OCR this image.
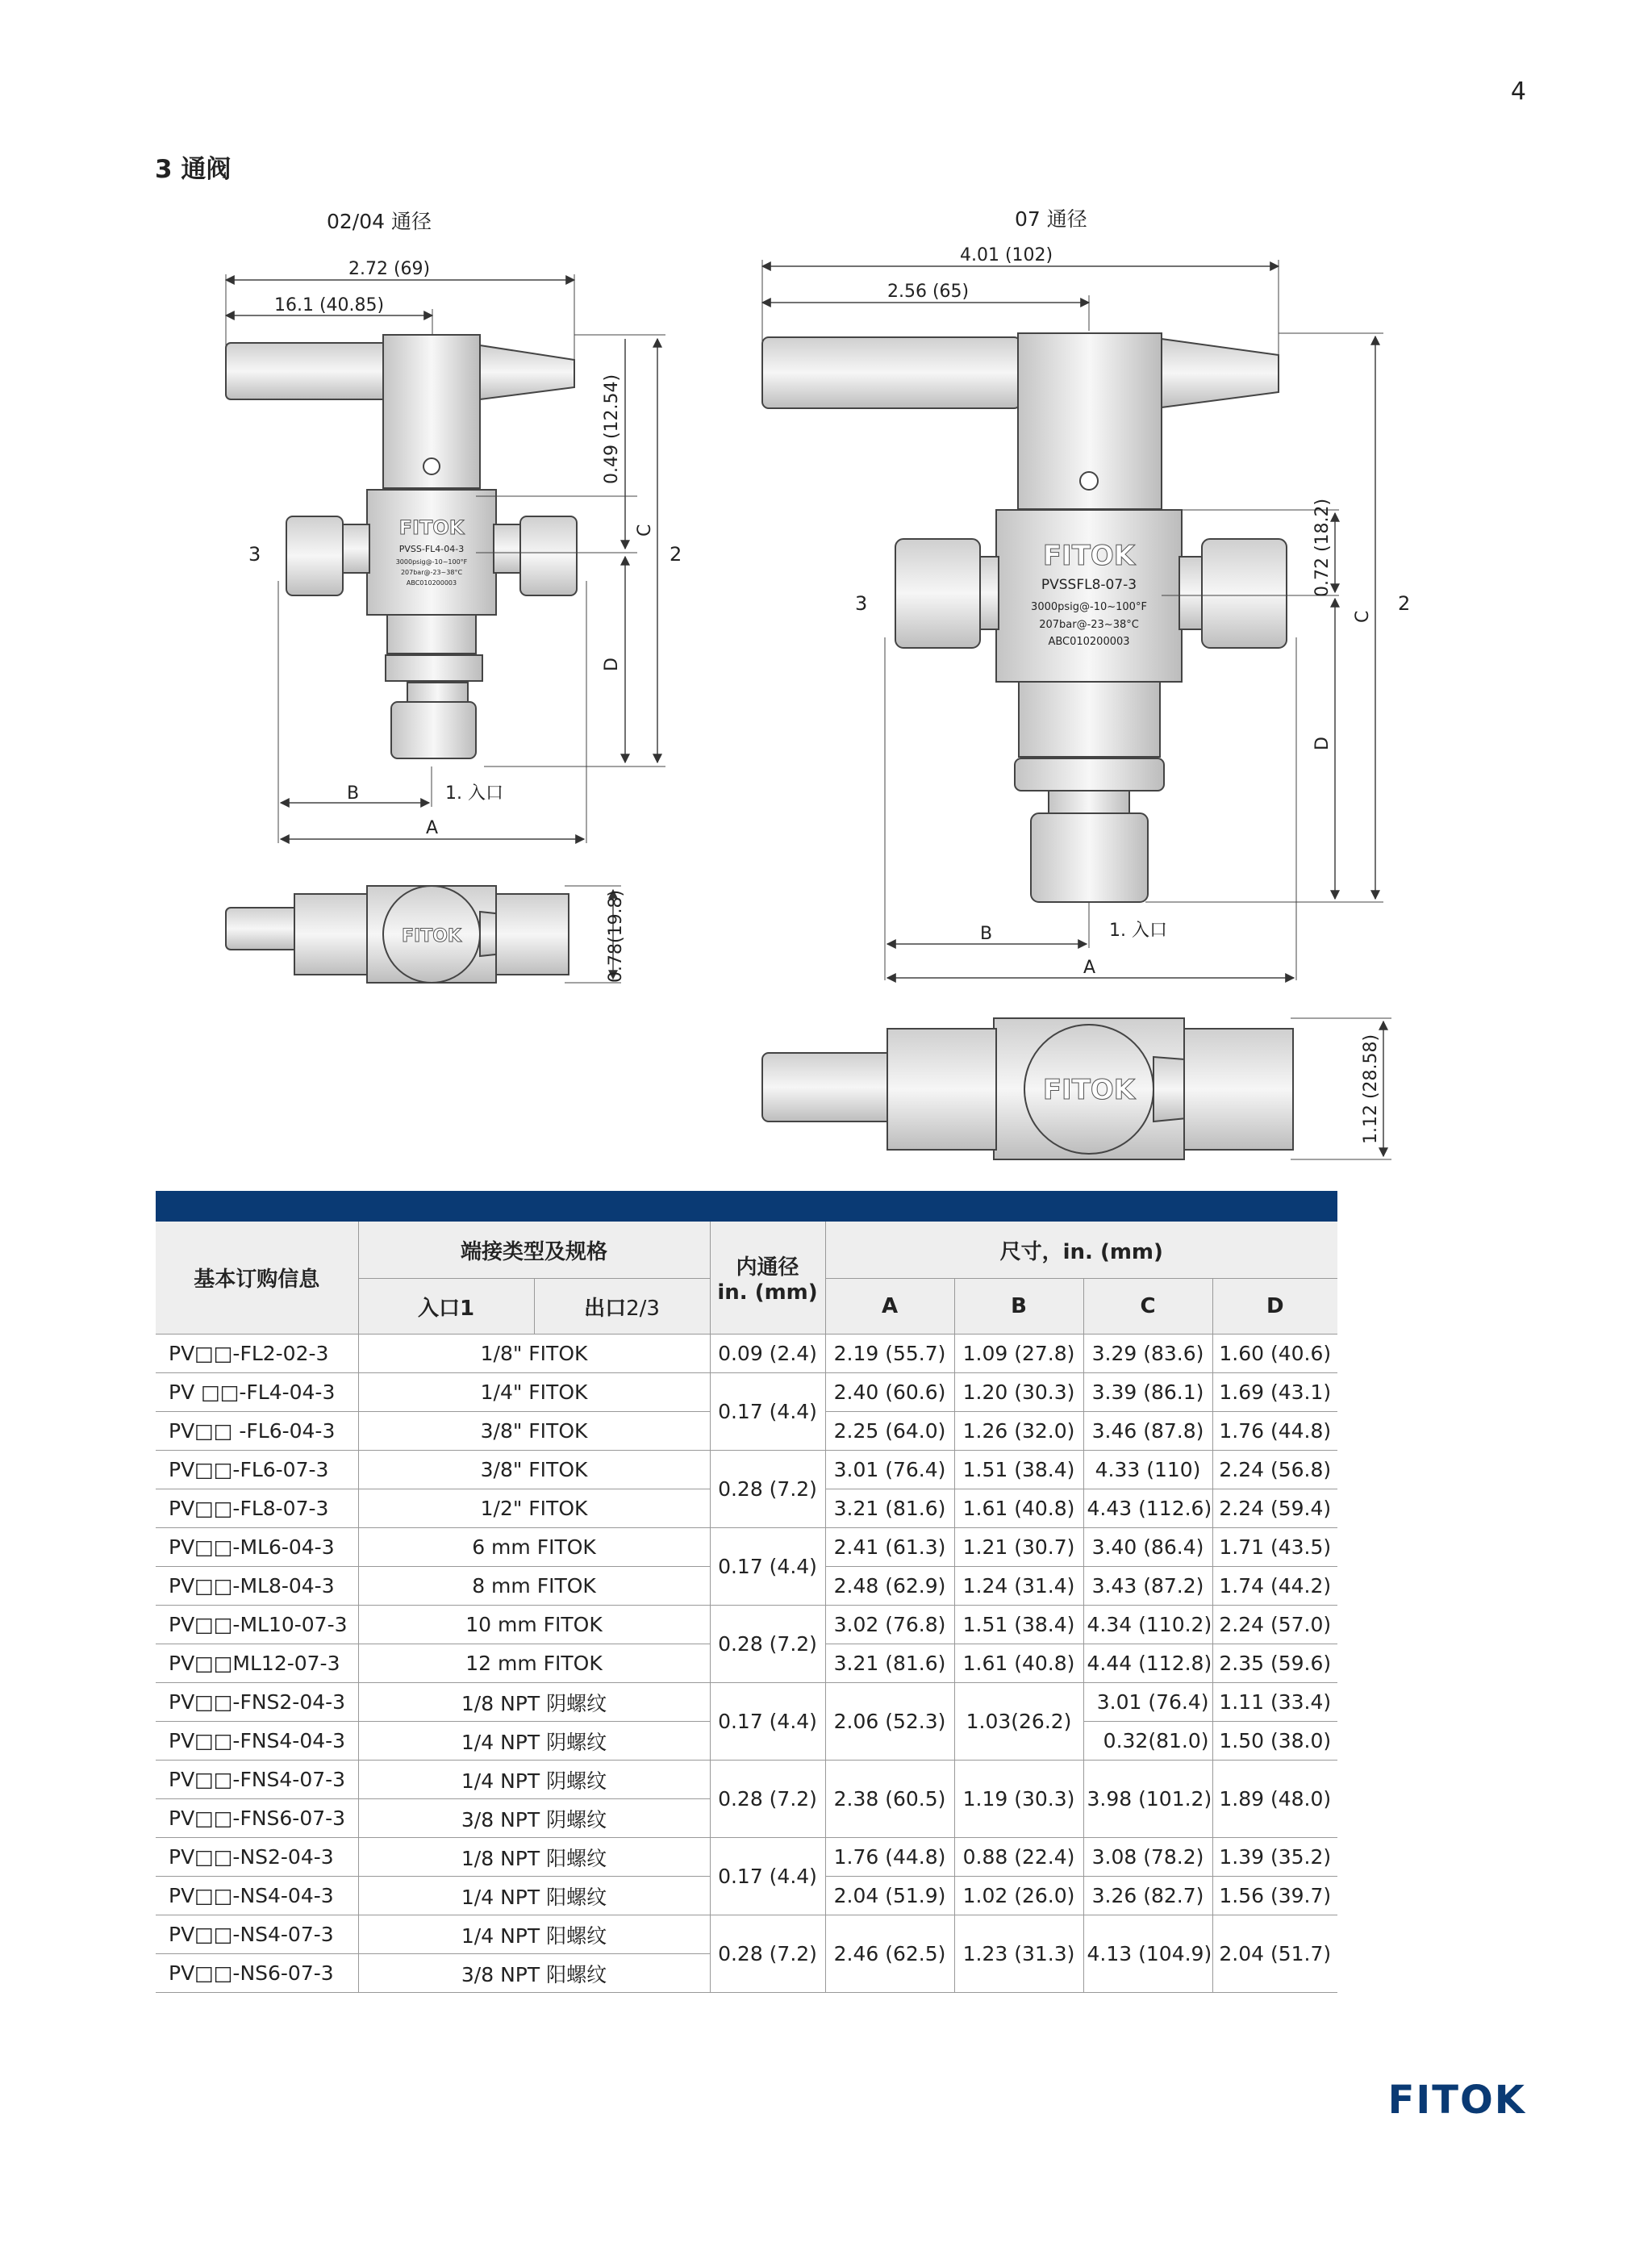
4
3 通阀
02/04 通径
2.72 (69)
16.1 (40.85)
FITOK
PVSS-FL4-04-3
3000psig@-10~100°F
207bar@-23~38°C
ABC010200003
0.49 (12.54)
D
C
3	2
B	1. 入口
A
FITOK	0.78(19.8)
07 通径
4.01 (102)
2.56 (65)
FITOK
PVSSFL8-07-3
3000psig@-10~100°F
207bar@-23~38°C
ABC010200003
0.72 (18.2)
D
C
3	2
B	1. 入口
A
FITOK	1.12 (28.58)
基本订购信息	端接类型及规格		内通径
in. (mm)	尺寸，in. (mm)			
	入口1	出口2/3		A	B	C	D
PV□□-FL2-02-3	1/8" FITOK		0.09 (2.4)	2.19 (55.7)	1.09 (27.8)	3.29 (83.6)	1.60 (40.6)
PV □□-FL4-04-3	1/4" FITOK		0.17 (4.4)	2.40 (60.6)	1.20 (30.3)	3.39 (86.1)	1.69 (43.1)
PV□□ -FL6-04-3	3/8" FITOK			2.25 (64.0)	1.26 (32.0)	3.46 (87.8)	1.76 (44.8)
PV□□-FL6-07-3	3/8" FITOK		0.28 (7.2)	3.01 (76.4)	1.51 (38.4)	4.33 (110)	2.24 (56.8)
PV□□-FL8-07-3	1/2" FITOK			3.21 (81.6)	1.61 (40.8)	4.43 (112.6)	2.24 (59.4)
PV□□-ML6-04-3	6 mm FITOK		0.17 (4.4)	2.41 (61.3)	1.21 (30.7)	3.40 (86.4)	1.71 (43.5)
PV□□-ML8-04-3	8 mm FITOK			2.48 (62.9)	1.24 (31.4)	3.43 (87.2)	1.74 (44.2)
PV□□-ML10-07-3	10 mm FITOK		0.28 (7.2)	3.02 (76.8)	1.51 (38.4)	4.34 (110.2)	2.24 (57.0)
PV□□ML12-07-3	12 mm FITOK			3.21 (81.6)	1.61 (40.8)	4.44 (112.8)	2.35 (59.6)
PV□□-FNS2-04-3	1/8 NPT 阴螺纹		0.17 (4.4)	2.06 (52.3)	1.03(26.2)	3.01 (76.4)	1.11 (33.4)
PV□□-FNS4-04-3	1/4 NPT 阴螺纹					0.32(81.0)	1.50 (38.0)
PV□□-FNS4-07-3	1/4 NPT 阴螺纹		0.28 (7.2)	2.38 (60.5)	1.19 (30.3)	3.98 (101.2)	1.89 (48.0)
PV□□-FNS6-07-3	3/8 NPT 阴螺纹						
PV□□-NS2-04-3	1/8 NPT 阳螺纹		0.17 (4.4)	1.76 (44.8)	0.88 (22.4)	3.08 (78.2)	1.39 (35.2)
PV□□-NS4-04-3	1/4 NPT 阳螺纹			2.04 (51.9)	1.02 (26.0)	3.26 (82.7)	1.56 (39.7)
PV□□-NS4-07-3	1/4 NPT 阳螺纹		0.28 (7.2)	2.46 (62.5)	1.23 (31.3)	4.13 (104.9)	2.04 (51.7)
PV□□-NS6-07-3	3/8 NPT 阳螺纹						
FITOK
